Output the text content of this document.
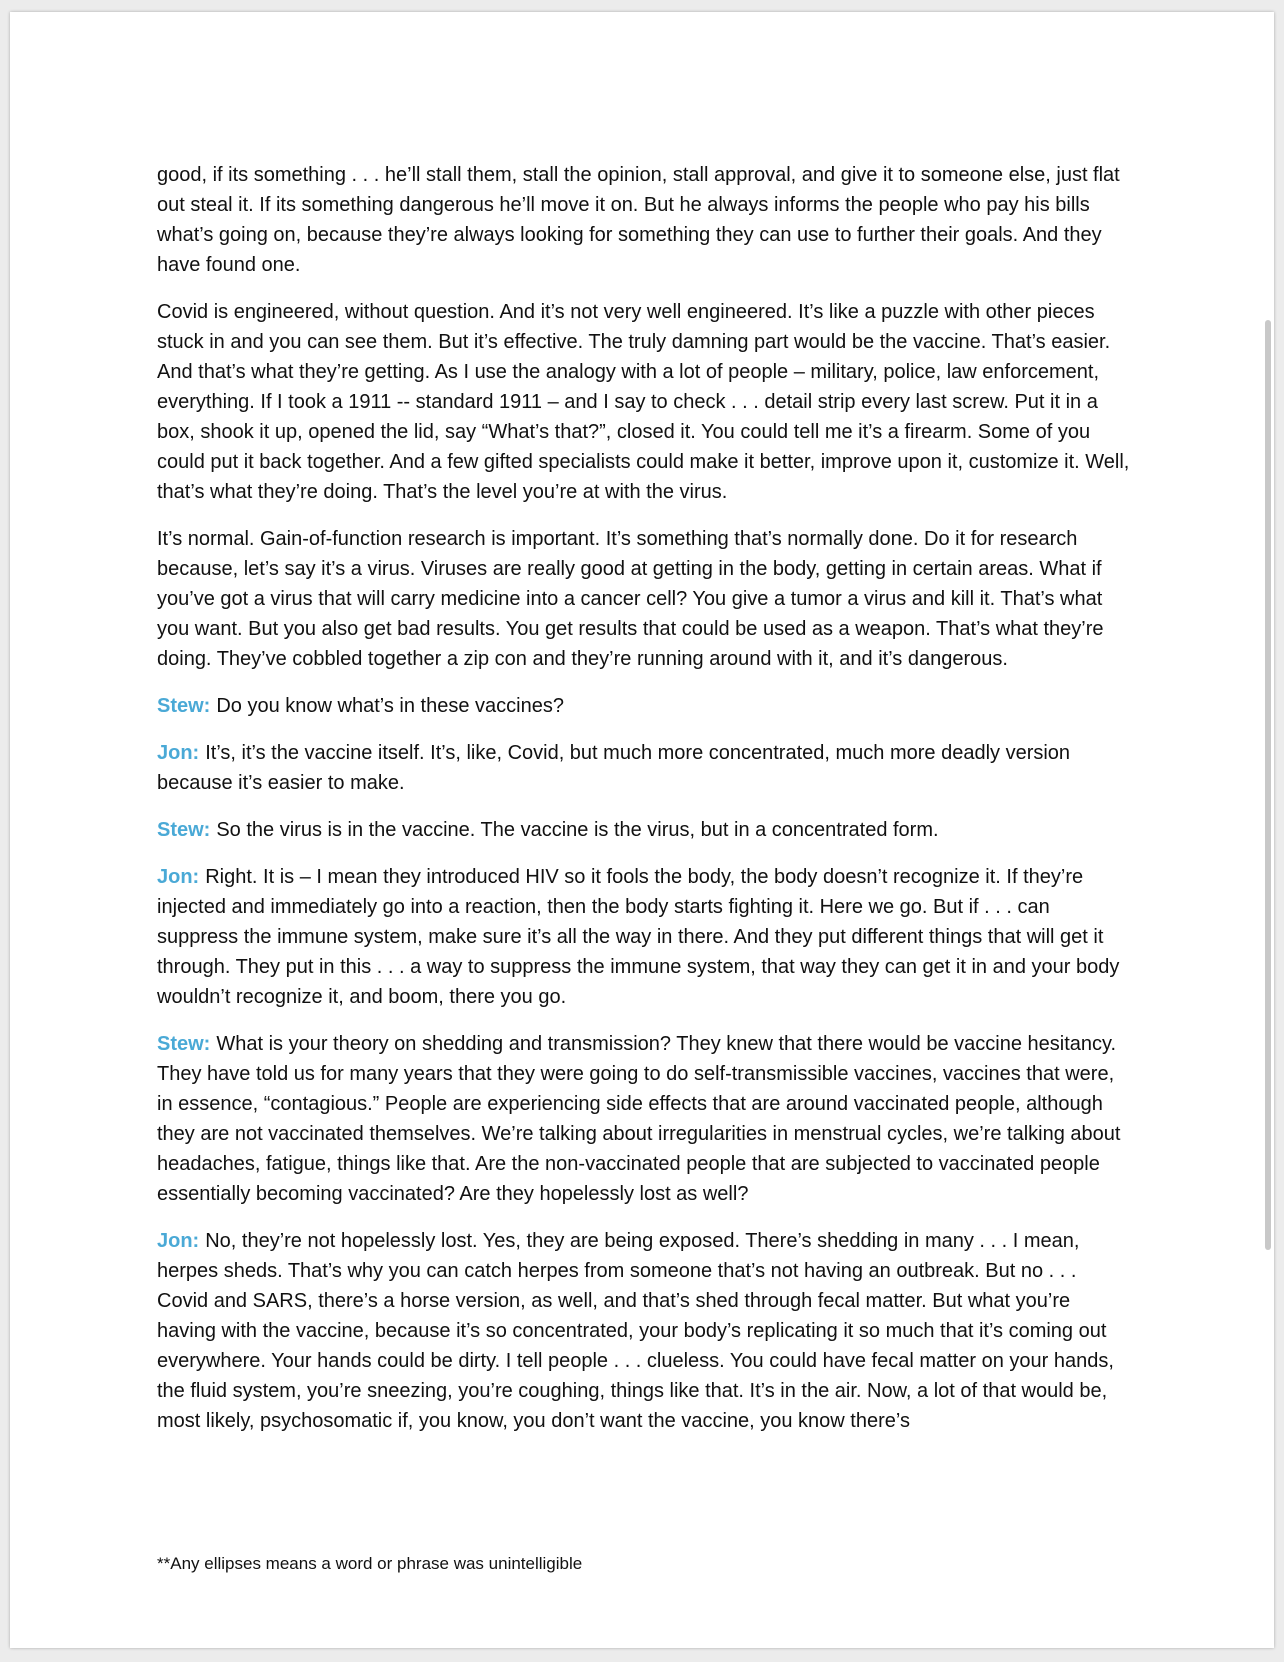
good, if its something . . . he’ll stall them, stall the opinion, stall approval, and give it to someone else, just flat out steal it. If its something dangerous he’ll move it on. But he always informs the people who pay his bills what’s going on, because they’re always looking for something they can use to further their goals. And they have found one.

Covid is engineered, without question. And it’s not very well engineered. It’s like a puzzle with other pieces stuck in and you can see them. But it’s effective. The truly damning part would be the vaccine. That’s easier. And that’s what they’re getting. As I use the analogy with a lot of people – military, police, law enforcement, everything. If I took a 1911 -- standard 1911 – and I say to check . . . detail strip every last screw. Put it in a box, shook it up, opened the lid, say “What’s that?”, closed it. You could tell me it’s a firearm. Some of you could put it back together. And a few gifted specialists could make it better, improve upon it, customize it. Well, that’s what they’re doing. That’s the level you’re at with the virus.

It’s normal. Gain-of-function research is important. It’s something that’s normally done. Do it for research because, let’s say it’s a virus. Viruses are really good at getting in the body, getting in certain areas. What if you’ve got a virus that will carry medicine into a cancer cell? You give a tumor a virus and kill it. That’s what you want. But you also get bad results. You get results that could be used as a weapon. That’s what they’re doing. They’ve cobbled together a zip con and they’re running around with it, and it’s dangerous.

Stew: Do you know what’s in these vaccines?

Jon: It’s, it’s the vaccine itself. It’s, like, Covid, but much more concentrated, much more deadly version because it’s easier to make.

Stew: So the virus is in the vaccine. The vaccine is the virus, but in a concentrated form.

Jon: Right. It is – I mean they introduced HIV so it fools the body, the body doesn’t recognize it. If they’re injected and immediately go into a reaction, then the body starts fighting it. Here we go. But if . . . can suppress the immune system, make sure it’s all the way in there. And they put different things that will get it through. They put in this . . . a way to suppress the immune system, that way they can get it in and your body wouldn’t recognize it, and boom, there you go.

Stew: What is your theory on shedding and transmission? They knew that there would be vaccine hesitancy. They have told us for many years that they were going to do self-transmissible vaccines, vaccines that were, in essence, “contagious.” People are experiencing side effects that are around vaccinated people, although they are not vaccinated themselves. We’re talking about irregularities in menstrual cycles, we’re talking about headaches, fatigue, things like that. Are the non-vaccinated people that are subjected to vaccinated people essentially becoming vaccinated? Are they hopelessly lost as well?

Jon: No, they’re not hopelessly lost. Yes, they are being exposed. There’s shedding in many . . . I mean, herpes sheds. That’s why you can catch herpes from someone that’s not having an outbreak. But no . . . Covid and SARS, there’s a horse version, as well, and that’s shed through fecal matter. But what you’re having with the vaccine, because it’s so concentrated, your body’s replicating it so much that it’s coming out everywhere. Your hands could be dirty. I tell people . . . clueless. You could have fecal matter on your hands, the fluid system, you’re sneezing, you’re coughing, things like that. It’s in the air. Now, a lot of that would be, most likely, psychosomatic if, you know, you don’t want the vaccine, you know there’s

**Any ellipses means a word or phrase was unintelligible
